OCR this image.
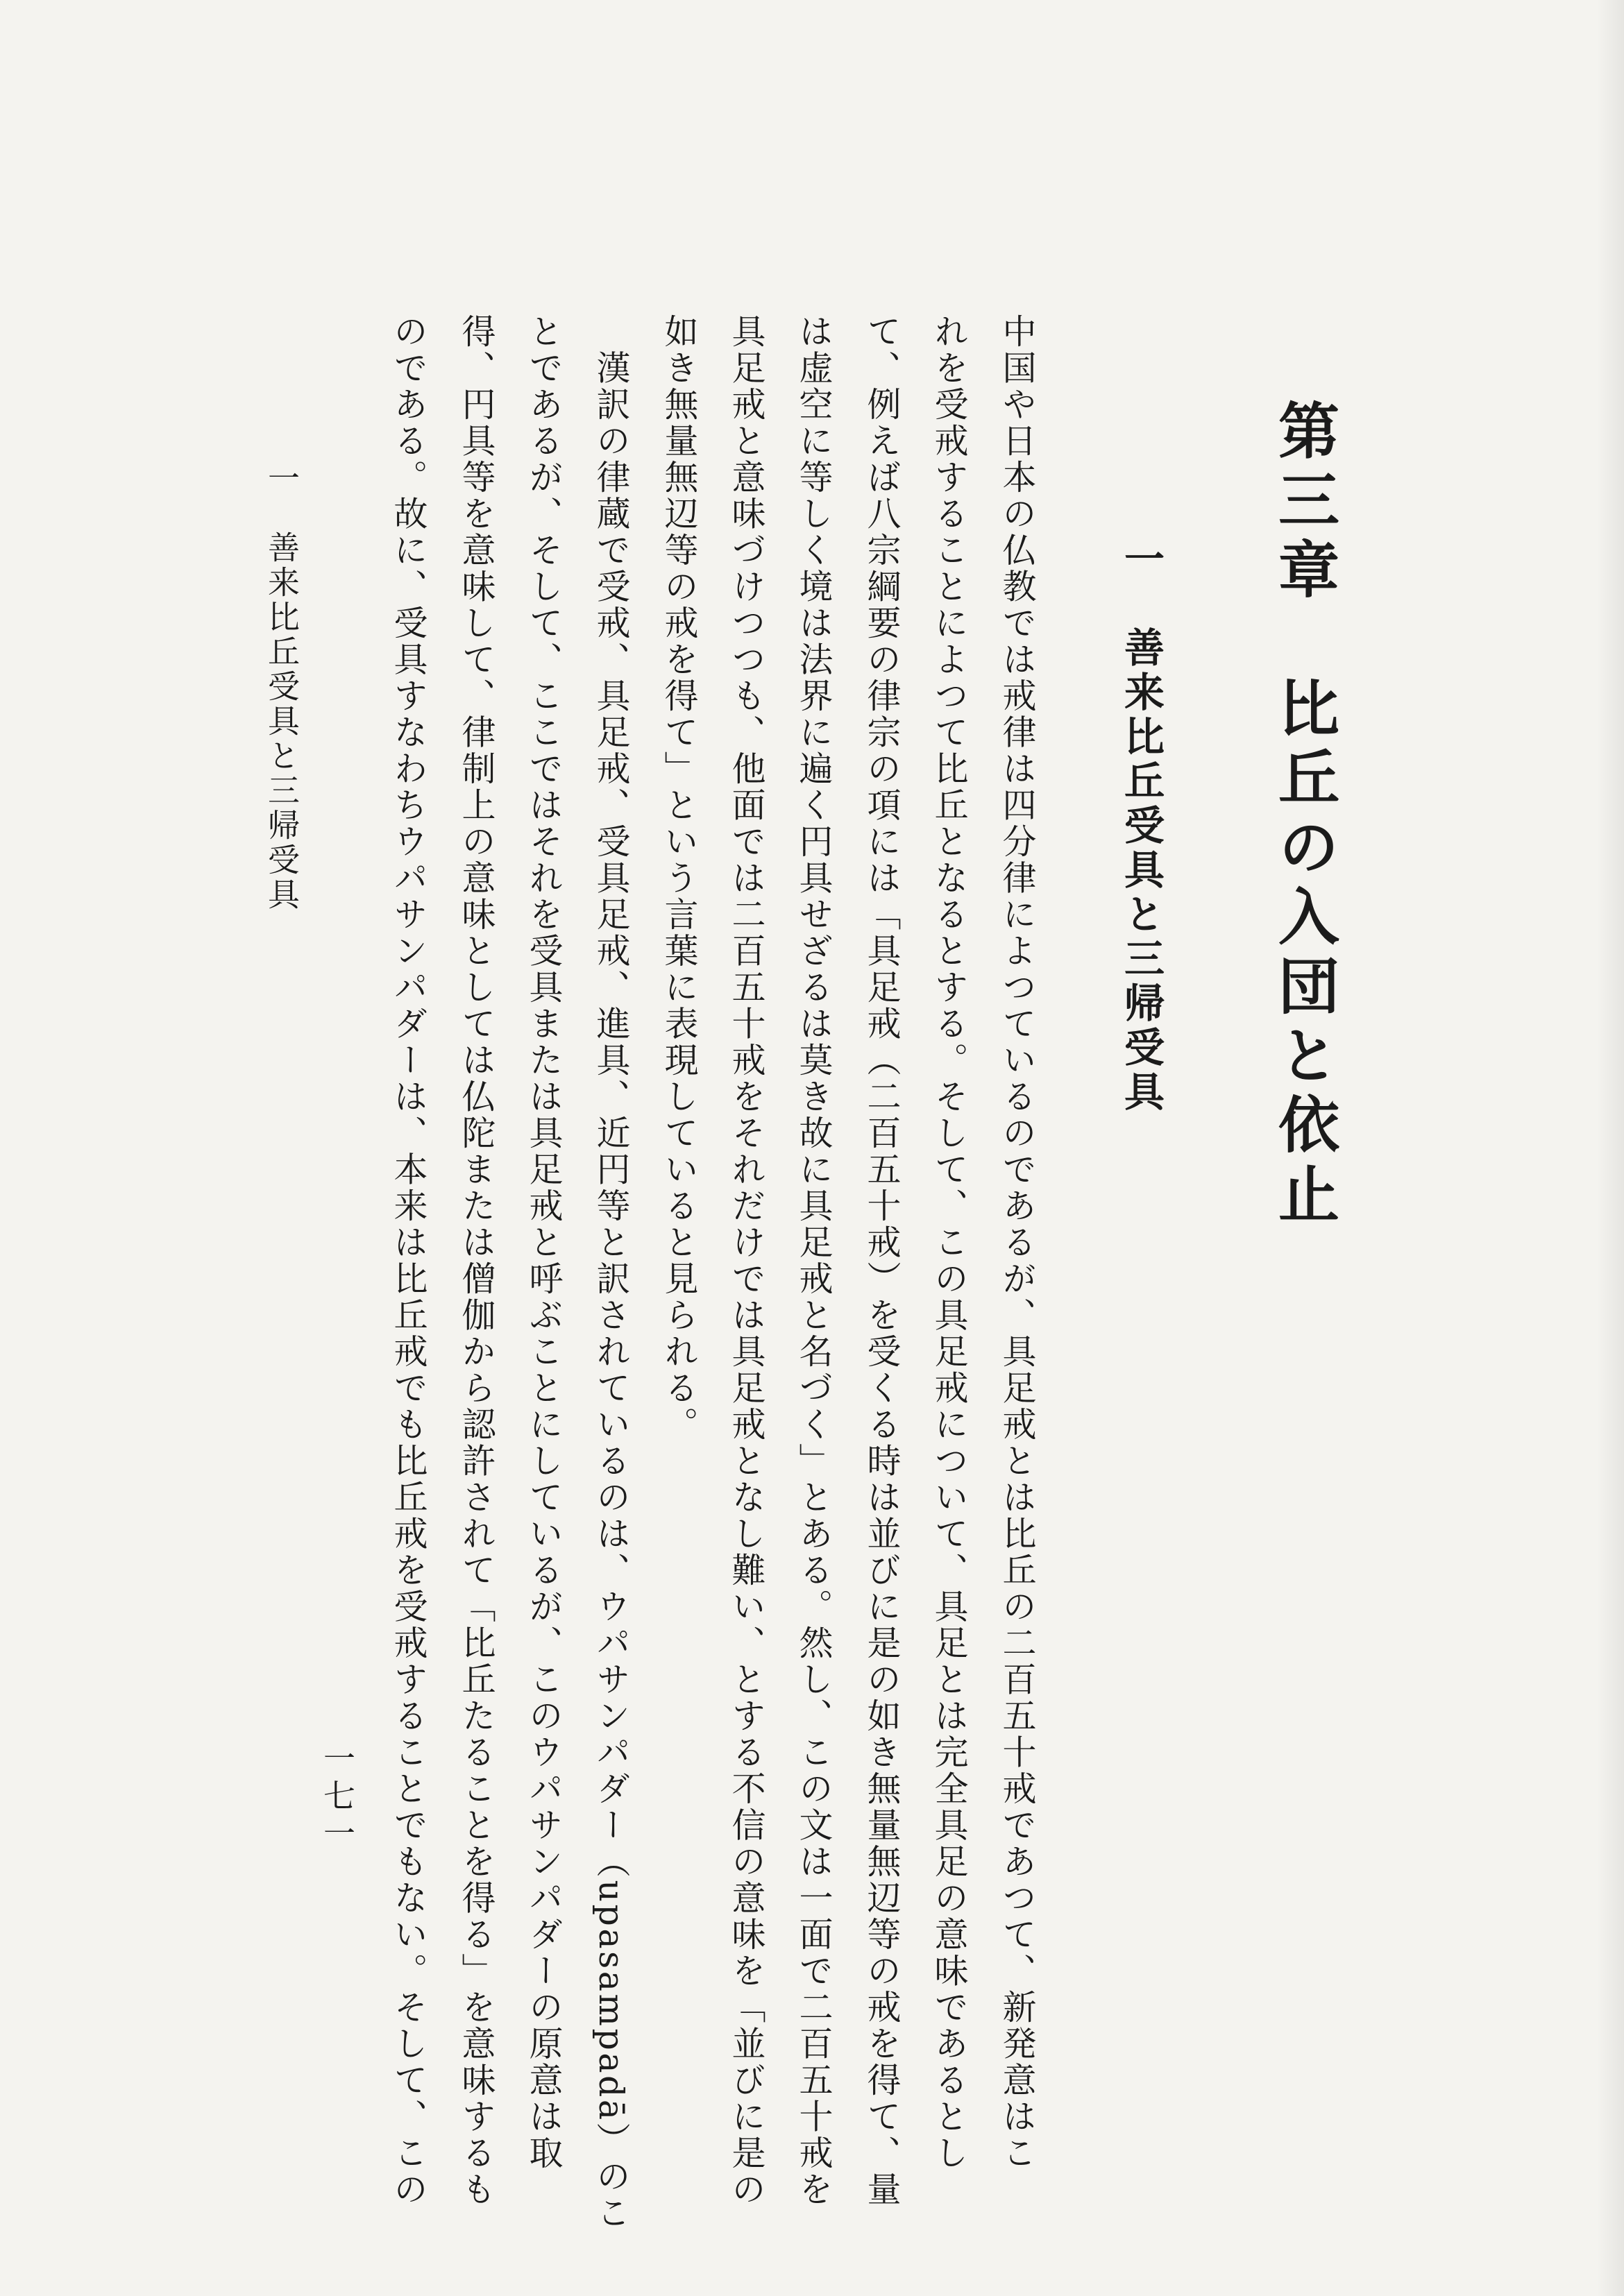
第三章　比丘の入団と依止
一　善来比丘受具と三帰受具

中国や日本の仏教では戒律は四分律によつているのであるが、具足戒とは比丘の二百五十戒であつて、新発意はこ

れを受戒することによつて比丘となるとする。そして、この具足戒について、具足とは完全具足の意味であるとし

て、例えば八宗綱要の律宗の項には「具足戒（二百五十戒）を受くる時は並びに是の如き無量無辺等の戒を得て、量

は虚空に等しく境は法界に遍く円具せざるは莫き故に具足戒と名づく」とある。然し、この文は一面で二百五十戒を

具足戒と意味づけつつも、他面では二百五十戒をそれだけでは具足戒となし難い、とする不信の意味を「並びに是の

如き無量無辺等の戒を得て」という言葉に表現していると見られる。

　漢訳の律蔵で受戒、具足戒、受具足戒、進具、近円等と訳されているのは、ウパサンパダー（upasampadā）のこ

とであるが、そして、ここではそれを受具または具足戒と呼ぶことにしているが、このウパサンパダーの原意は取

得、円具等を意味して、律制上の意味としては仏陀または僧伽から認許されて「比丘たることを得る」を意味するも

のである。故に、受具すなわちウパサンパダーは、本来は比丘戒でも比丘戒を受戒することでもない。そして、この

一　善来比丘受具と三帰受具
一七一
